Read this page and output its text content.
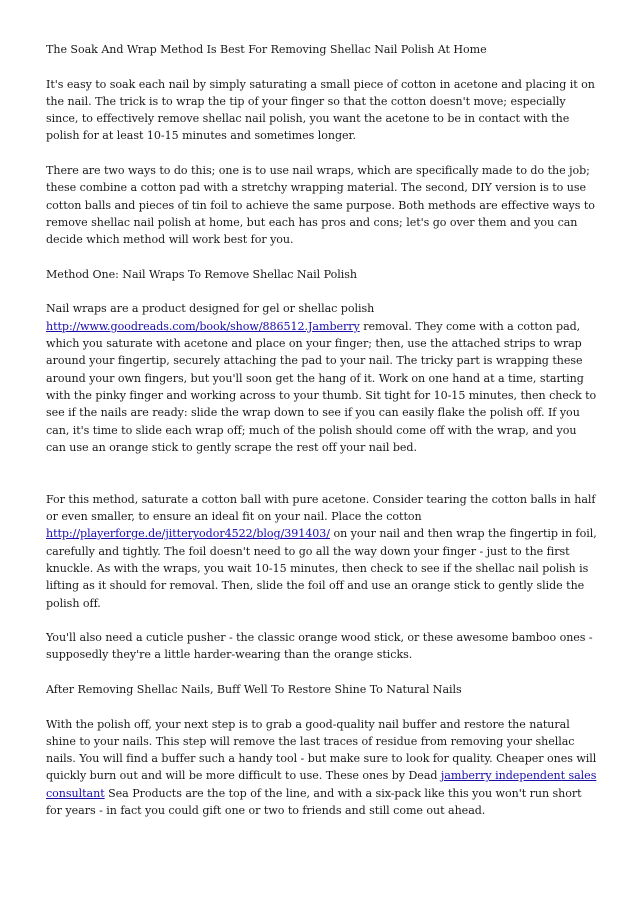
The Soak And Wrap Method Is Best For Removing Shellac Nail Polish At Home

It's easy to soak each nail by simply saturating a small piece of cotton in acetone and placing it on the nail. The trick is to wrap the tip of your finger so that the cotton doesn't move; especially since, to effectively remove shellac nail polish, you want the acetone to be in contact with the polish for at least 10-15 minutes and sometimes longer.

There are two ways to do this; one is to use nail wraps, which are specifically made to do the job; these combine a cotton pad with a stretchy wrapping material. The second, DIY version is to use cotton balls and pieces of tin foil to achieve the same purpose. Both methods are effective ways to remove shellac nail polish at home, but each has pros and cons; let's go over them and you can decide which method will work best for you.

Method One: Nail Wraps To Remove Shellac Nail Polish

Nail wraps are a product designed for gel or shellac polish
http://www.goodreads.com/book/show/886512.Jamberry removal. They come with a cotton pad, which you saturate with acetone and place on your finger; then, use the attached strips to wrap around your fingertip, securely attaching the pad to your nail. The tricky part is wrapping these around your own fingers, but you'll soon get the hang of it. Work on one hand at a time, starting with the pinky finger and working across to your thumb. Sit tight for 10-15 minutes, then check to see if the nails are ready: slide the wrap down to see if you can easily flake the polish off. If you can, it's time to slide each wrap off; much of the polish should come off with the wrap, and you can use an orange stick to gently scrape the rest off your nail bed.

For this method, saturate a cotton ball with pure acetone. Consider tearing the cotton balls in half or even smaller, to ensure an ideal fit on your nail. Place the cotton
http://playerforge.de/jitteryodor4522/blog/391403/ on your nail and then wrap the fingertip in foil, carefully and tightly. The foil doesn't need to go all the way down your finger - just to the first knuckle. As with the wraps, you wait 10-15 minutes, then check to see if the shellac nail polish is lifting as it should for removal. Then, slide the foil off and use an orange stick to gently slide the polish off.

You'll also need a cuticle pusher - the classic orange wood stick, or these awesome bamboo ones - supposedly they're a little harder-wearing than the orange sticks.

After Removing Shellac Nails, Buff Well To Restore Shine To Natural Nails

With the polish off, your next step is to grab a good-quality nail buffer and restore the natural shine to your nails. This step will remove the last traces of residue from removing your shellac nails. You will find a buffer such a handy tool - but make sure to look for quality. Cheaper ones will quickly burn out and will be more difficult to use. These ones by Dead jamberry independent sales consultant Sea Products are the top of the line, and with a six-pack like this you won't run short for years - in fact you could gift one or two to friends and still come out ahead.
